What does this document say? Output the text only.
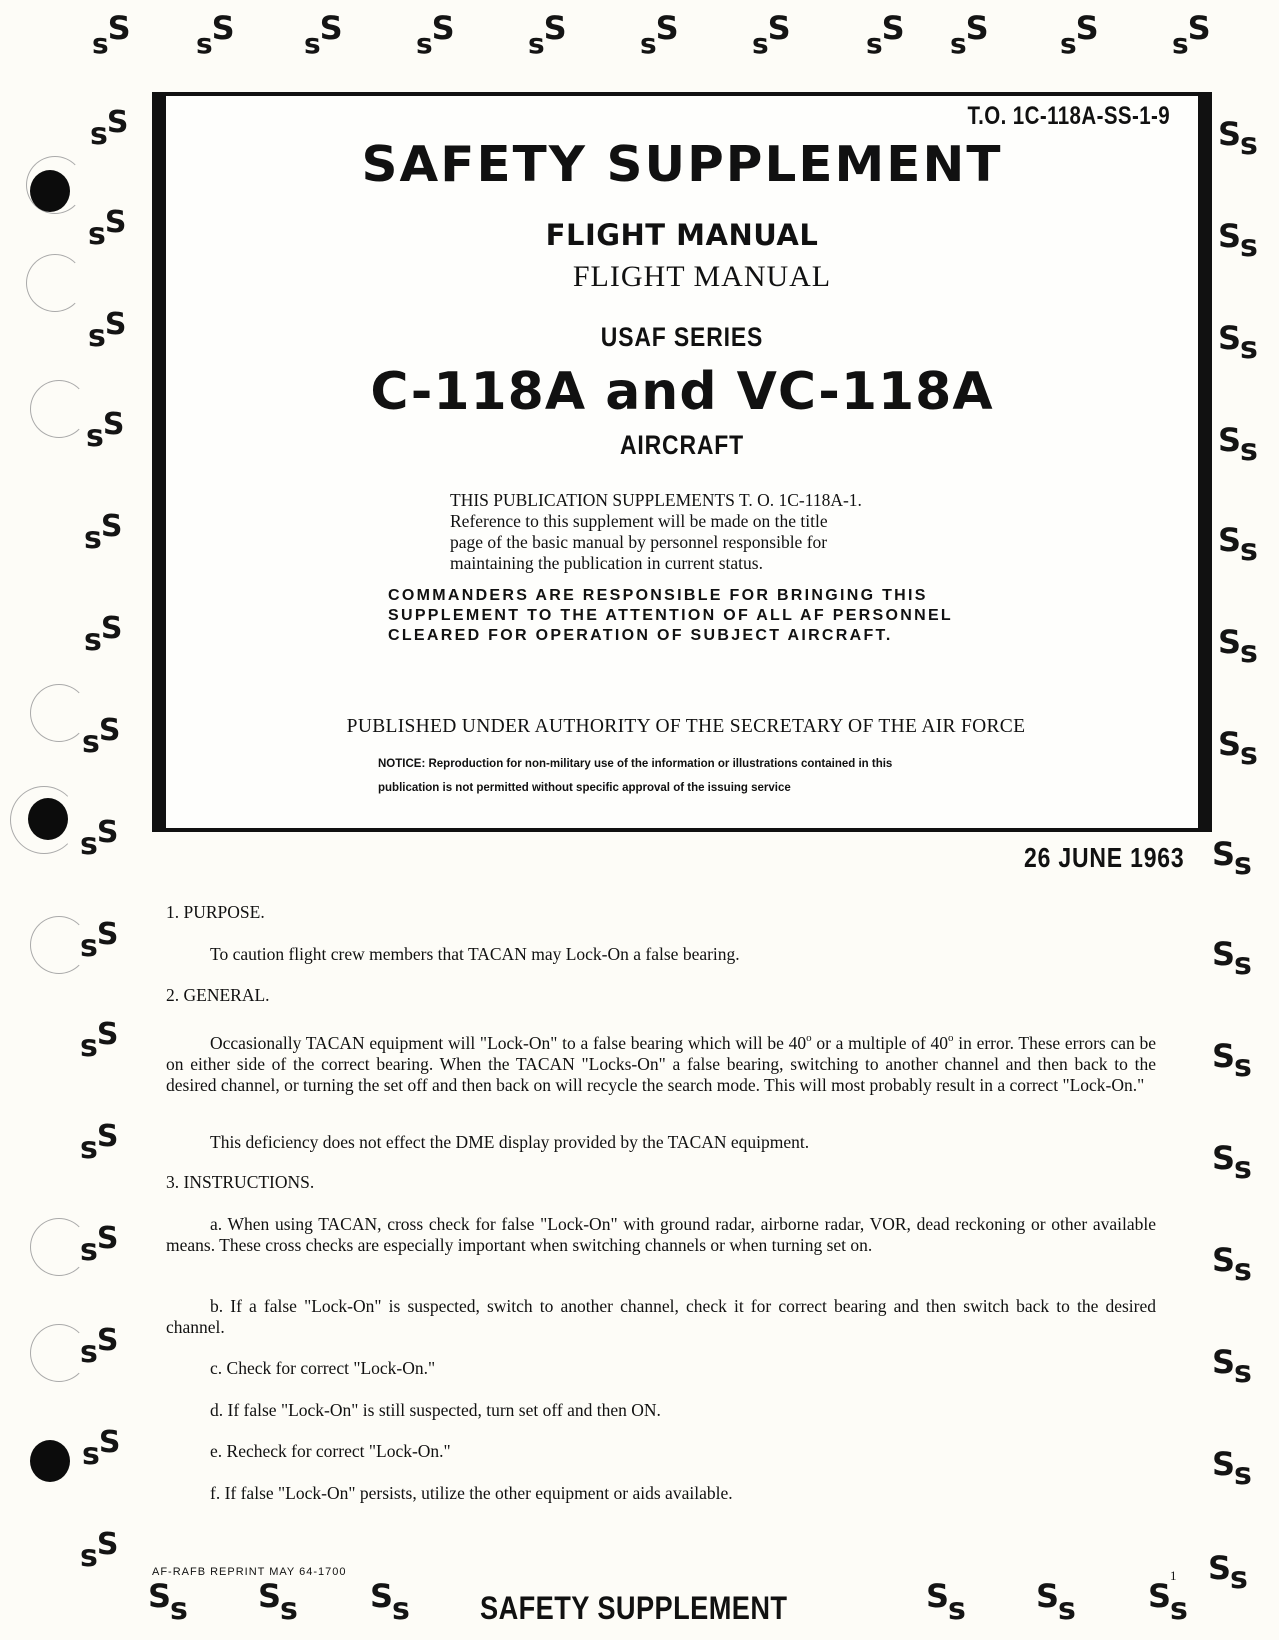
sS sS	sS	sS	sS	sS	sS	sS sS	sS	sS
sS
sS
sS
sS
sS
sS
sS
sS
sS
sS
sS
sS
sS
sS
sS
Ss
Ss
Ss
Ss
Ss
Ss
Ss
Ss
Ss
Ss
Ss
Ss
Ss
Ss
Ss
Ss Ss Ss	Ss Ss Ss
T.O. 1C-118A-SS-1-9
SAFETY SUPPLEMENT
FLIGHT MANUAL
FLIGHT MANUAL
USAF SERIES
C-118A and VC-118A
AIRCRAFT
THIS PUBLICATION SUPPLEMENTS T. O. 1C-118A-1.
Reference to this supplement will be made on the title
page of the basic manual by personnel responsible for
maintaining the publication in current status.
COMMANDERS ARE RESPONSIBLE FOR BRINGING THIS
SUPPLEMENT TO THE ATTENTION OF ALL AF PERSONNEL
CLEARED FOR OPERATION OF SUBJECT AIRCRAFT.
PUBLISHED UNDER AUTHORITY OF THE SECRETARY OF THE AIR FORCE
NOTICE: Reproduction for non-military use of the information or illustrations contained in this
publication is not permitted without specific approval of the issuing service
26 JUNE 1963
1. PURPOSE.
To caution flight crew members that TACAN may Lock-On a false bearing.
2. GENERAL.
Occasionally TACAN equipment will "Lock-On" to a false bearing which will be 40$^o$ or a multiple of 40$^o$ in error. These errors can be on either side of the correct bearing. When the TACAN "Locks-On" a false bearing, switching to another channel and then back to the desired channel, or turning the set off and then back on will recycle the search mode. This will most probably result in a correct "Lock-On."
This deficiency does not effect the DME display provided by the TACAN equipment.
3. INSTRUCTIONS.
a. When using TACAN, cross check for false "Lock-On" with ground radar, airborne radar, VOR, dead reckoning or other available means. These cross checks are especially important when switching channels or when turning set on.
b. If a false "Lock-On" is suspected, switch to another channel, check it for correct bearing and then switch back to the desired channel.
c. Check for correct "Lock-On."
d. If false "Lock-On" is still suspected, turn set off and then ON.
e. Recheck for correct "Lock-On."
f. If false "Lock-On" persists, utilize the other equipment or aids available.
AF-RAFB REPRINT MAY 64-1700
SAFETY SUPPLEMENT
1
